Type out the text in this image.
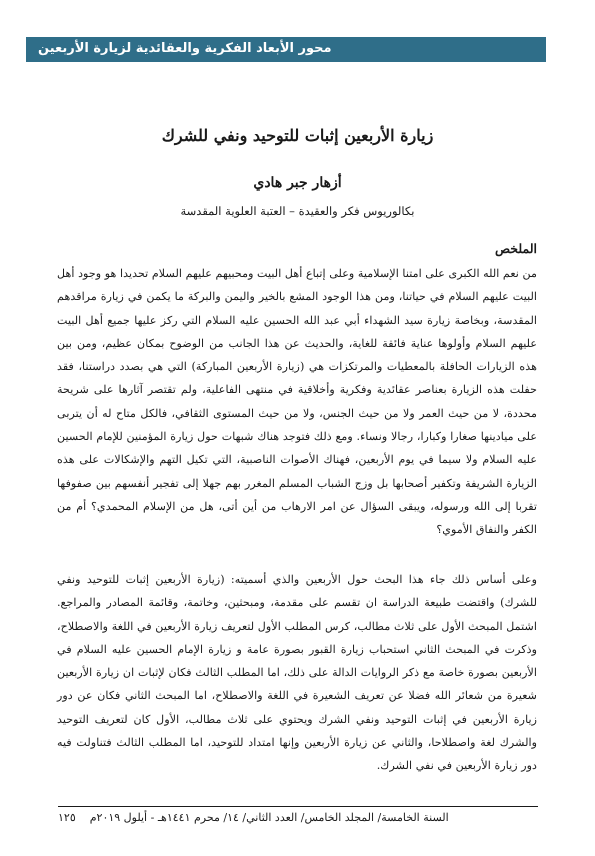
محور الأبعاد الفكرية والعقائدية لزيارة الأربعين
زيارة الأربعين إثبات للتوحيد ونفي للشرك
أزهار جبر هادي
بكالوريوس فكر والعقيدة – العتبة العلوية المقدسة
الملخص

من نعم الله الكبرى على امتنا الإسلامية وعلى إتباع أهل البيت ومحبيهم عليهم السلام تحديدا هو وجود أهل البيت عليهم السلام في حياتنا، ومن هذا الوجود المشع بالخير واليمن والبركة ما يكمن في زيارة مراقدهم المقدسة، وبخاصة زيارة سيد الشهداء أبي عبد الله الحسين عليه السلام التي ركز عليها جميع أهل البيت عليهم السلام وأولوها عناية فائقة للغاية، والحديث عن هذا الجانب من الوضوح بمكان عظيم، ومن بين هذه الزيارات الحافلة بالمعطيات والمرتكزات هي (زيارة الأربعين المباركة) التي هي بصدد دراستنا، فقد حفلت هذه الزيارة بعناصر عقائدية وفكرية وأخلاقية في منتهى الفاعلية، ولم تقتصر آثارها على شريحة محددة، لا من حيث العمر ولا من حيث الجنس، ولا من حيث المستوى الثقافي، فالكل متاح له أن يتربى على ميادينها صغارا وكبارا، رجالا ونساء. ومع ذلك فتوجد هناك شبهات حول زيارة المؤمنين للإمام الحسين عليه السلام ولا سيما في يوم الأربعين، فهناك الأصوات الناصبية، التي تكيل التهم والإشكالات على هذه الزيارة الشريفة وتكفير أصحابها بل وزج الشباب المسلم المغرر بهم جهلا إلى تفجير أنفسهم بين صفوفها تقربا إلى الله ورسوله، ويبقى السؤال عن امر الارهاب من أين أتى، هل من الإسلام المحمدي؟ أم من الكفر والنفاق الأموي؟

وعلى أساس ذلك جاء هذا البحث حول الأربعين والذي أسميته: (زيارة الأربعين إثبات للتوحيد ونفي للشرك) واقتضت طبيعة الدراسة ان تقسم على مقدمة، ومبحثين، وخاتمة، وقائمة المصادر والمراجع. اشتمل المبحث الأول على ثلاث مطالب، كرس المطلب الأول لتعريف زيارة الأربعين في اللغة والاصطلاح، وذكرت في المبحث الثاني استحباب زيارة القبور بصورة عامة و زيارة الإمام الحسين عليه السلام في الأربعين بصورة خاصة مع ذكر الروايات الدالة على ذلك، اما المطلب الثالث فكان لإثبات ان زيارة الأربعين شعيرة من شعائر الله فضلا عن تعريف الشعيرة في اللغة والاصطلاح، اما المبحث الثاني فكان عن دور زيارة الأربعين في إثبات التوحيد ونفي الشرك ويحتوي على ثلاث مطالب، الأول كان لتعريف التوحيد والشرك لغة واصطلاحا، والثاني عن زيارة الأربعين وإنها امتداد للتوحيد، اما المطلب الثالث فتناولت فيه دور زيارة الأربعين في نفي الشرك.

السنة الخامسة/ المجلد الخامس/ العدد الثاني/ ١٤/ محرم ١٤٤١هـ - أيلول ٢٠١٩م    ١٢٥
